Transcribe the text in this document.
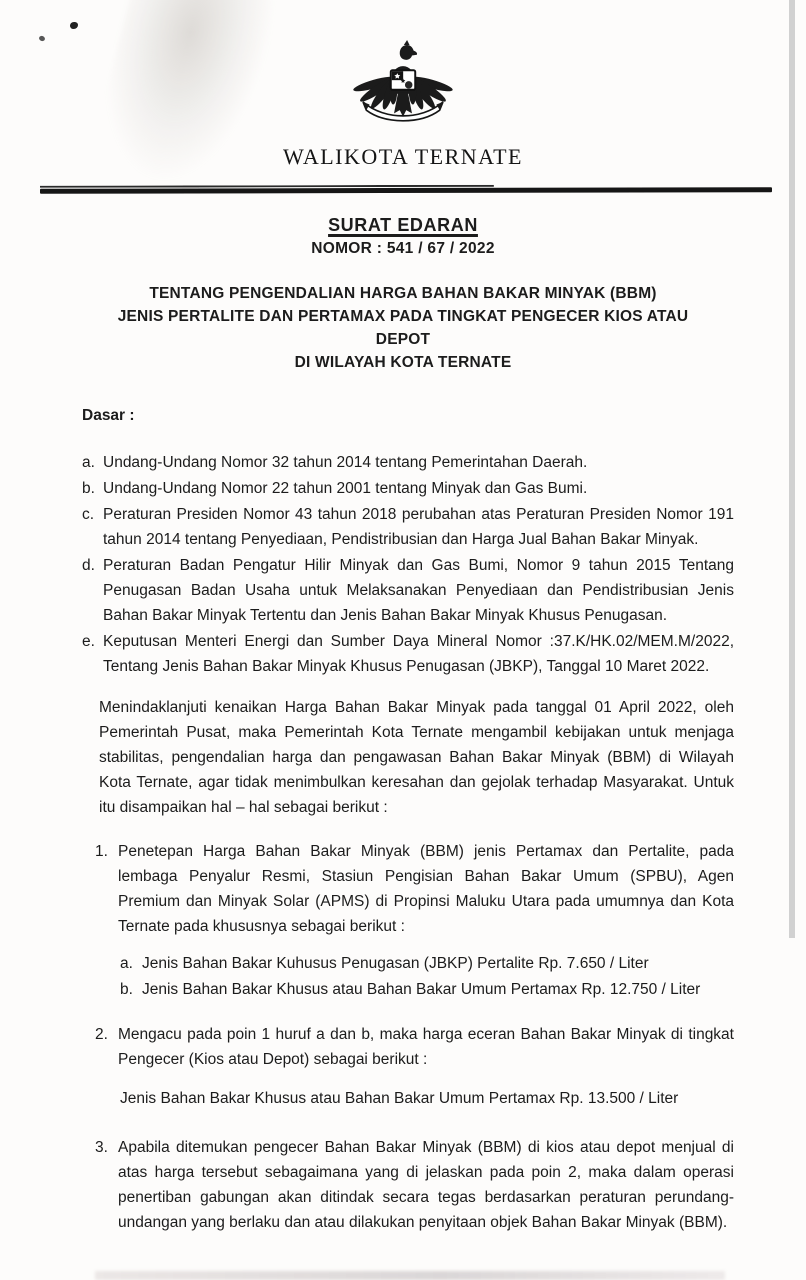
WALIKOTA TERNATE
SURAT EDARAN
NOMOR : 541 / 67 / 2022
TENTANG PENGENDALIAN HARGA BAHAN BAKAR MINYAK (BBM)
JENIS PERTALITE DAN PERTAMAX PADA TINGKAT PENGECER KIOS ATAU
DEPOT
DI WILAYAH KOTA TERNATE
Dasar :
a. Undang-Undang Nomor 32 tahun 2014 tentang Pemerintahan Daerah.
b. Undang-Undang Nomor 22 tahun 2001 tentang Minyak dan Gas Bumi.
c. Peraturan Presiden Nomor 43 tahun 2018 perubahan atas Peraturan Presiden Nomor 191 tahun 2014 tentang Penyediaan, Pendistribusian dan Harga Jual Bahan Bakar Minyak.
d. Peraturan Badan Pengatur Hilir Minyak dan Gas Bumi, Nomor 9 tahun 2015 Tentang Penugasan Badan Usaha untuk Melaksanakan Penyediaan dan Pendistribusian Jenis Bahan Bakar Minyak Tertentu dan Jenis Bahan Bakar Minyak Khusus Penugasan.
e. Keputusan Menteri Energi dan Sumber Daya Mineral Nomor :37.K/HK.02/MEM.M/2022, Tentang Jenis Bahan Bakar Minyak Khusus Penugasan (JBKP), Tanggal 10 Maret 2022.

Menindaklanjuti kenaikan Harga Bahan Bakar Minyak pada tanggal 01 April 2022, oleh Pemerintah Pusat, maka Pemerintah Kota Ternate mengambil kebijakan untuk menjaga stabilitas, pengendalian harga dan pengawasan Bahan Bakar Minyak (BBM) di Wilayah Kota Ternate, agar tidak menimbulkan keresahan dan gejolak terhadap Masyarakat. Untuk itu disampaikan hal – hal sebagai berikut :

1. Penetepan Harga Bahan Bakar Minyak (BBM) jenis Pertamax dan Pertalite, pada lembaga Penyalur Resmi, Stasiun Pengisian Bahan Bakar Umum (SPBU), Agen Premium dan Minyak Solar (APMS) di Propinsi Maluku Utara pada umumnya dan Kota Ternate pada khususnya sebagai berikut :
a. Jenis Bahan Bakar Kuhusus Penugasan (JBKP) Pertalite Rp. 7.650 / Liter
b. Jenis Bahan Bakar Khusus atau Bahan Bakar Umum Pertamax Rp. 12.750 / Liter
2. Mengacu pada poin 1 huruf a dan b, maka harga eceran Bahan Bakar Minyak di tingkat Pengecer (Kios atau Depot) sebagai berikut :
Jenis Bahan Bakar Khusus atau Bahan Bakar Umum Pertamax Rp. 13.500 / Liter
3. Apabila ditemukan pengecer Bahan Bakar Minyak (BBM) di kios atau depot menjual di atas harga tersebut sebagaimana yang di jelaskan pada poin 2, maka dalam operasi penertiban gabungan akan ditindak secara tegas berdasarkan peraturan perundang- undangan yang berlaku dan atau dilakukan penyitaan objek Bahan Bakar Minyak (BBM).
